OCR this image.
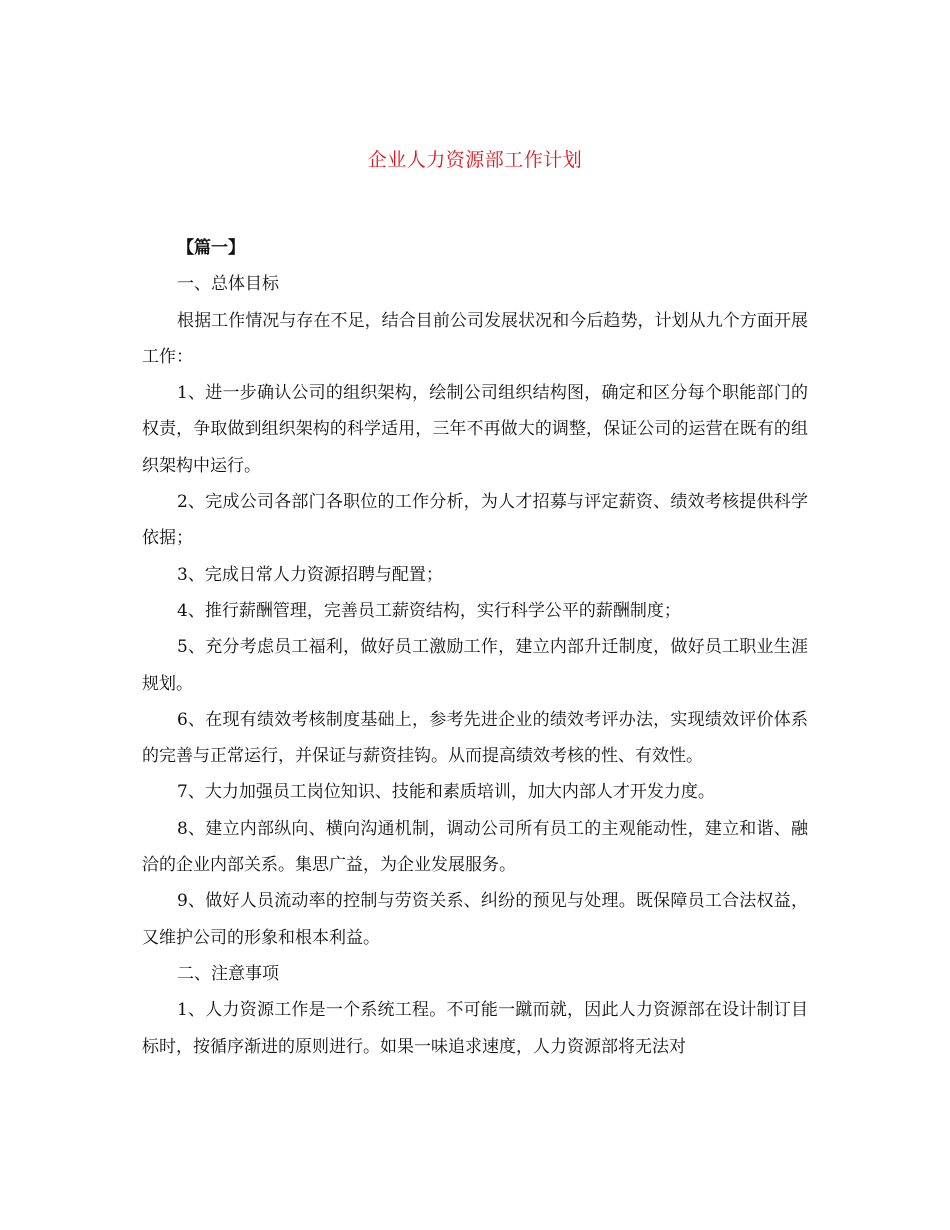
企业人力资源部工作计划

【篇一】

一、总体目标

根据工作情况与存在不足，结合目前公司发展状况和今后趋势，计划从九个方面开展工作：

1、进一步确认公司的组织架构，绘制公司组织结构图，确定和区分每个职能部门的权责，争取做到组织架构的科学适用，三年不再做大的调整，保证公司的运营在既有的组织架构中运行。

2、完成公司各部门各职位的工作分析，为人才招募与评定薪资、绩效考核提供科学依据；

3、完成日常人力资源招聘与配置；

4、推行薪酬管理，完善员工薪资结构，实行科学公平的薪酬制度；

5、充分考虑员工福利，做好员工激励工作，建立内部升迁制度，做好员工职业生涯规划。

6、在现有绩效考核制度基础上，参考先进企业的绩效考评办法，实现绩效评价体系的完善与正常运行，并保证与薪资挂钩。从而提高绩效考核的性、有效性。

7、大力加强员工岗位知识、技能和素质培训，加大内部人才开发力度。

8、建立内部纵向、横向沟通机制，调动公司所有员工的主观能动性，建立和谐、融洽的企业内部关系。集思广益，为企业发展服务。

9、做好人员流动率的控制与劳资关系、纠纷的预见与处理。既保障员工合法权益，又维护公司的形象和根本利益。

二、注意事项

1、人力资源工作是一个系统工程。不可能一蹴而就，因此人力资源部在设计制订目标时，按循序渐进的原则进行。如果一味追求速度，人力资源部将无法对
